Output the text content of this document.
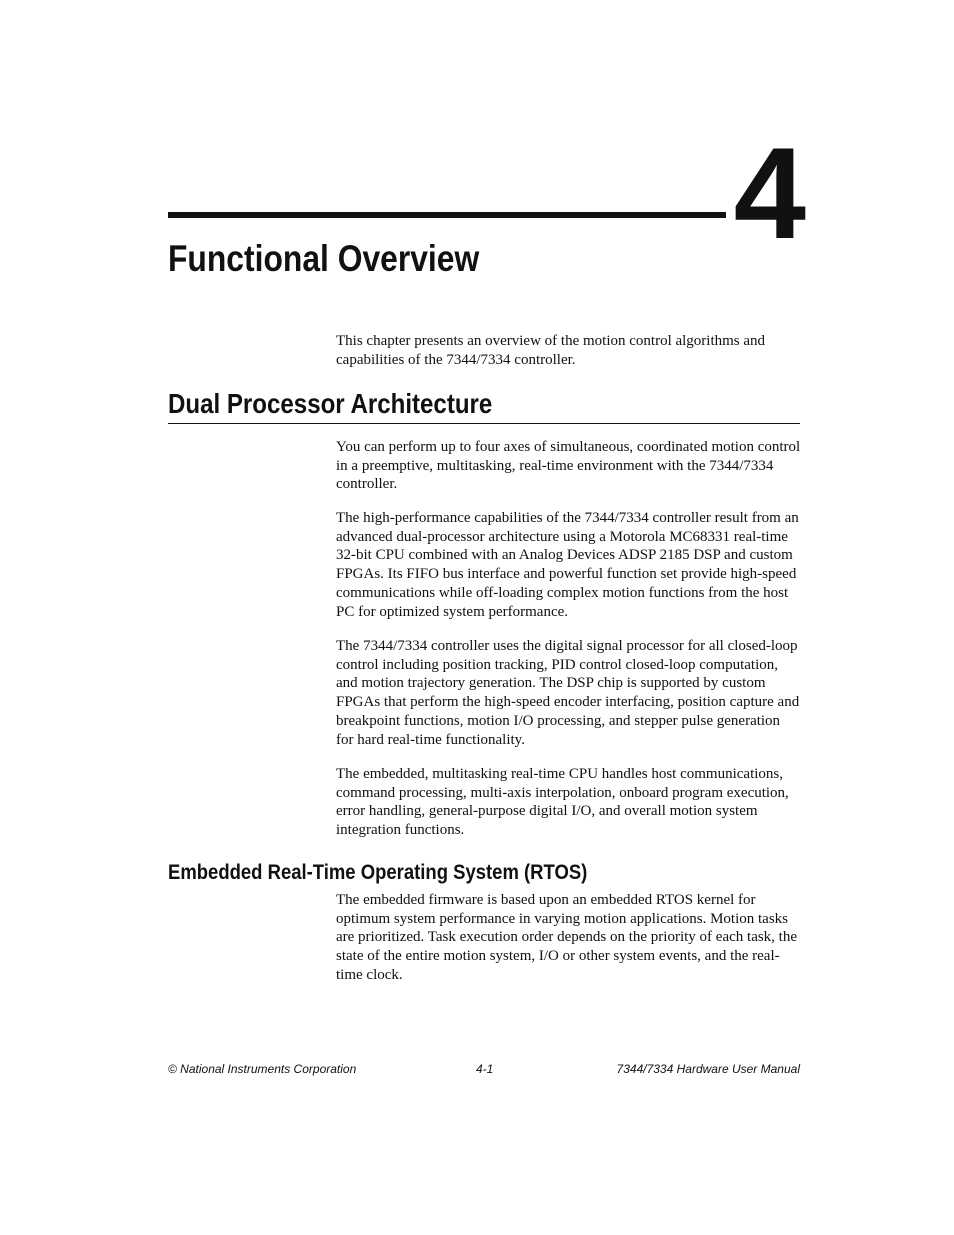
4
Functional Overview

This chapter presents an overview of the motion control algorithms and capabilities of the 7344/7334 controller.

Dual Processor Architecture

You can perform up to four axes of simultaneous, coordinated motion control in a preemptive, multitasking, real-time environment with the 7344/7334 controller.

The high-performance capabilities of the 7344/7334 controller result from an advanced dual-processor architecture using a Motorola MC68331 real-time 32-bit CPU combined with an Analog Devices ADSP 2185 DSP and custom FPGAs. Its FIFO bus interface and powerful function set provide high-speed communications while off-loading complex motion functions from the host PC for optimized system performance.

The 7344/7334 controller uses the digital signal processor for all closed-loop control including position tracking, PID control closed-loop computation, and motion trajectory generation. The DSP chip is supported by custom FPGAs that perform the high-speed encoder interfacing, position capture and breakpoint functions, motion I/O processing, and stepper pulse generation for hard real-time functionality.

The embedded, multitasking real-time CPU handles host communications, command processing, multi-axis interpolation, onboard program execution, error handling, general-purpose digital I/O, and overall motion system integration functions.

Embedded Real-Time Operating System (RTOS)

The embedded firmware is based upon an embedded RTOS kernel for optimum system performance in varying motion applications. Motion tasks are prioritized. Task execution order depends on the priority of each task, the state of the entire motion system, I/O or other system events, and the real-time clock.

© National Instruments Corporation	4-1	7344/7334 Hardware User Manual
